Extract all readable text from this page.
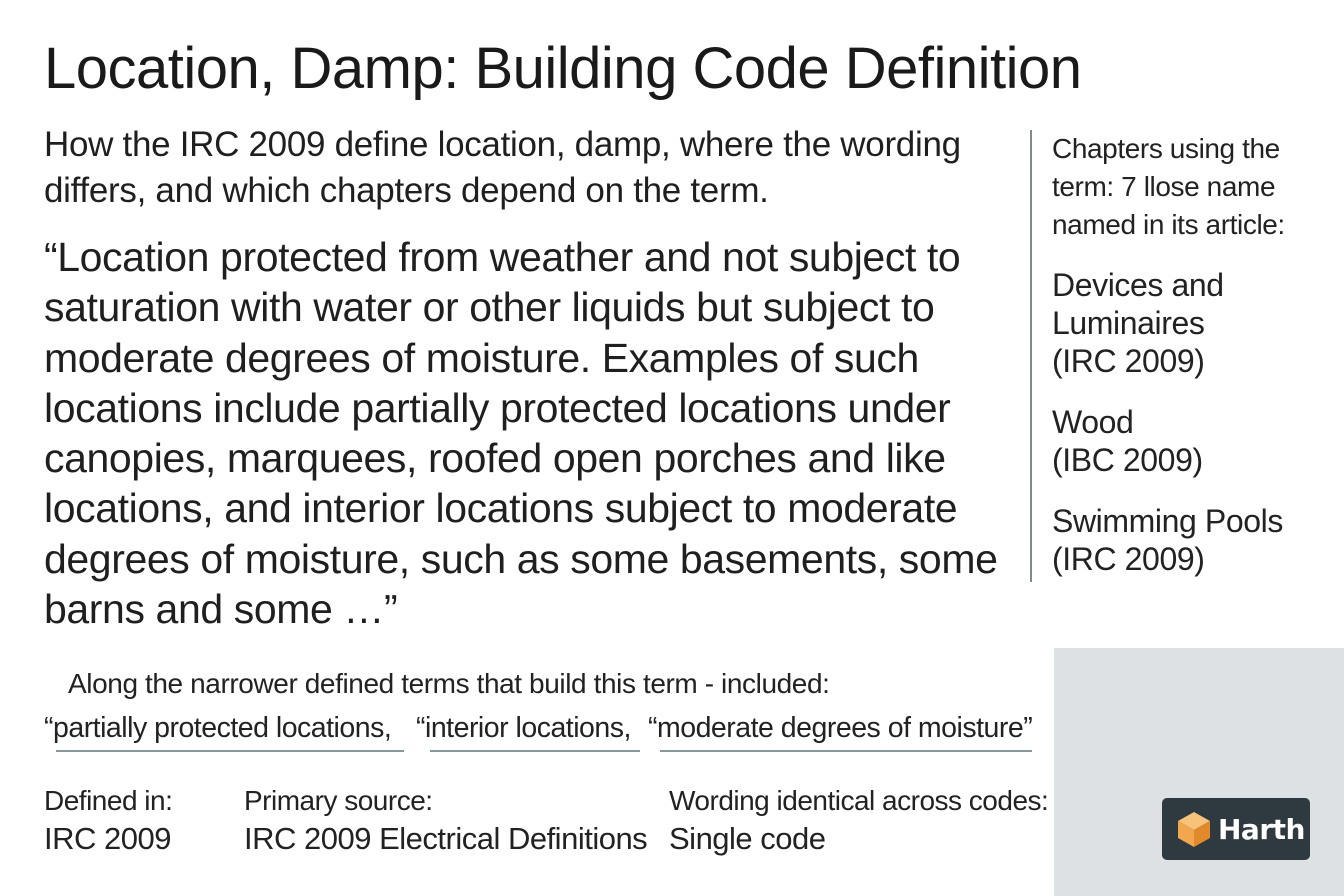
Location, Damp: Building Code Definition
How the IRC 2009 define location, damp, where the wording differs, and which chapters depend on the term.
“Location protected from weather and not subject to saturation with water or other liquids but subject to moderate degrees of moisture. Examples of such locations include partially protected locations under canopies, marquees, roofed open porches and like locations, and interior locations subject to moderate degrees of moisture, such as some basements, some barns and some …”
Chapters using the term: 7 llose name named in its article:
Devices and Luminaires
(IRC 2009)
Wood
(IBC 2009)
Swimming Pools
(IRC 2009)
Along the narrower defined terms that build this term - included:
“partially protected locations, “interior locations, “moderate degrees of moisture”
Defined in:
IRC 2009
Primary source:
IRC 2009 Electrical Definitions
Wording identical across codes:
Single code	Harth
